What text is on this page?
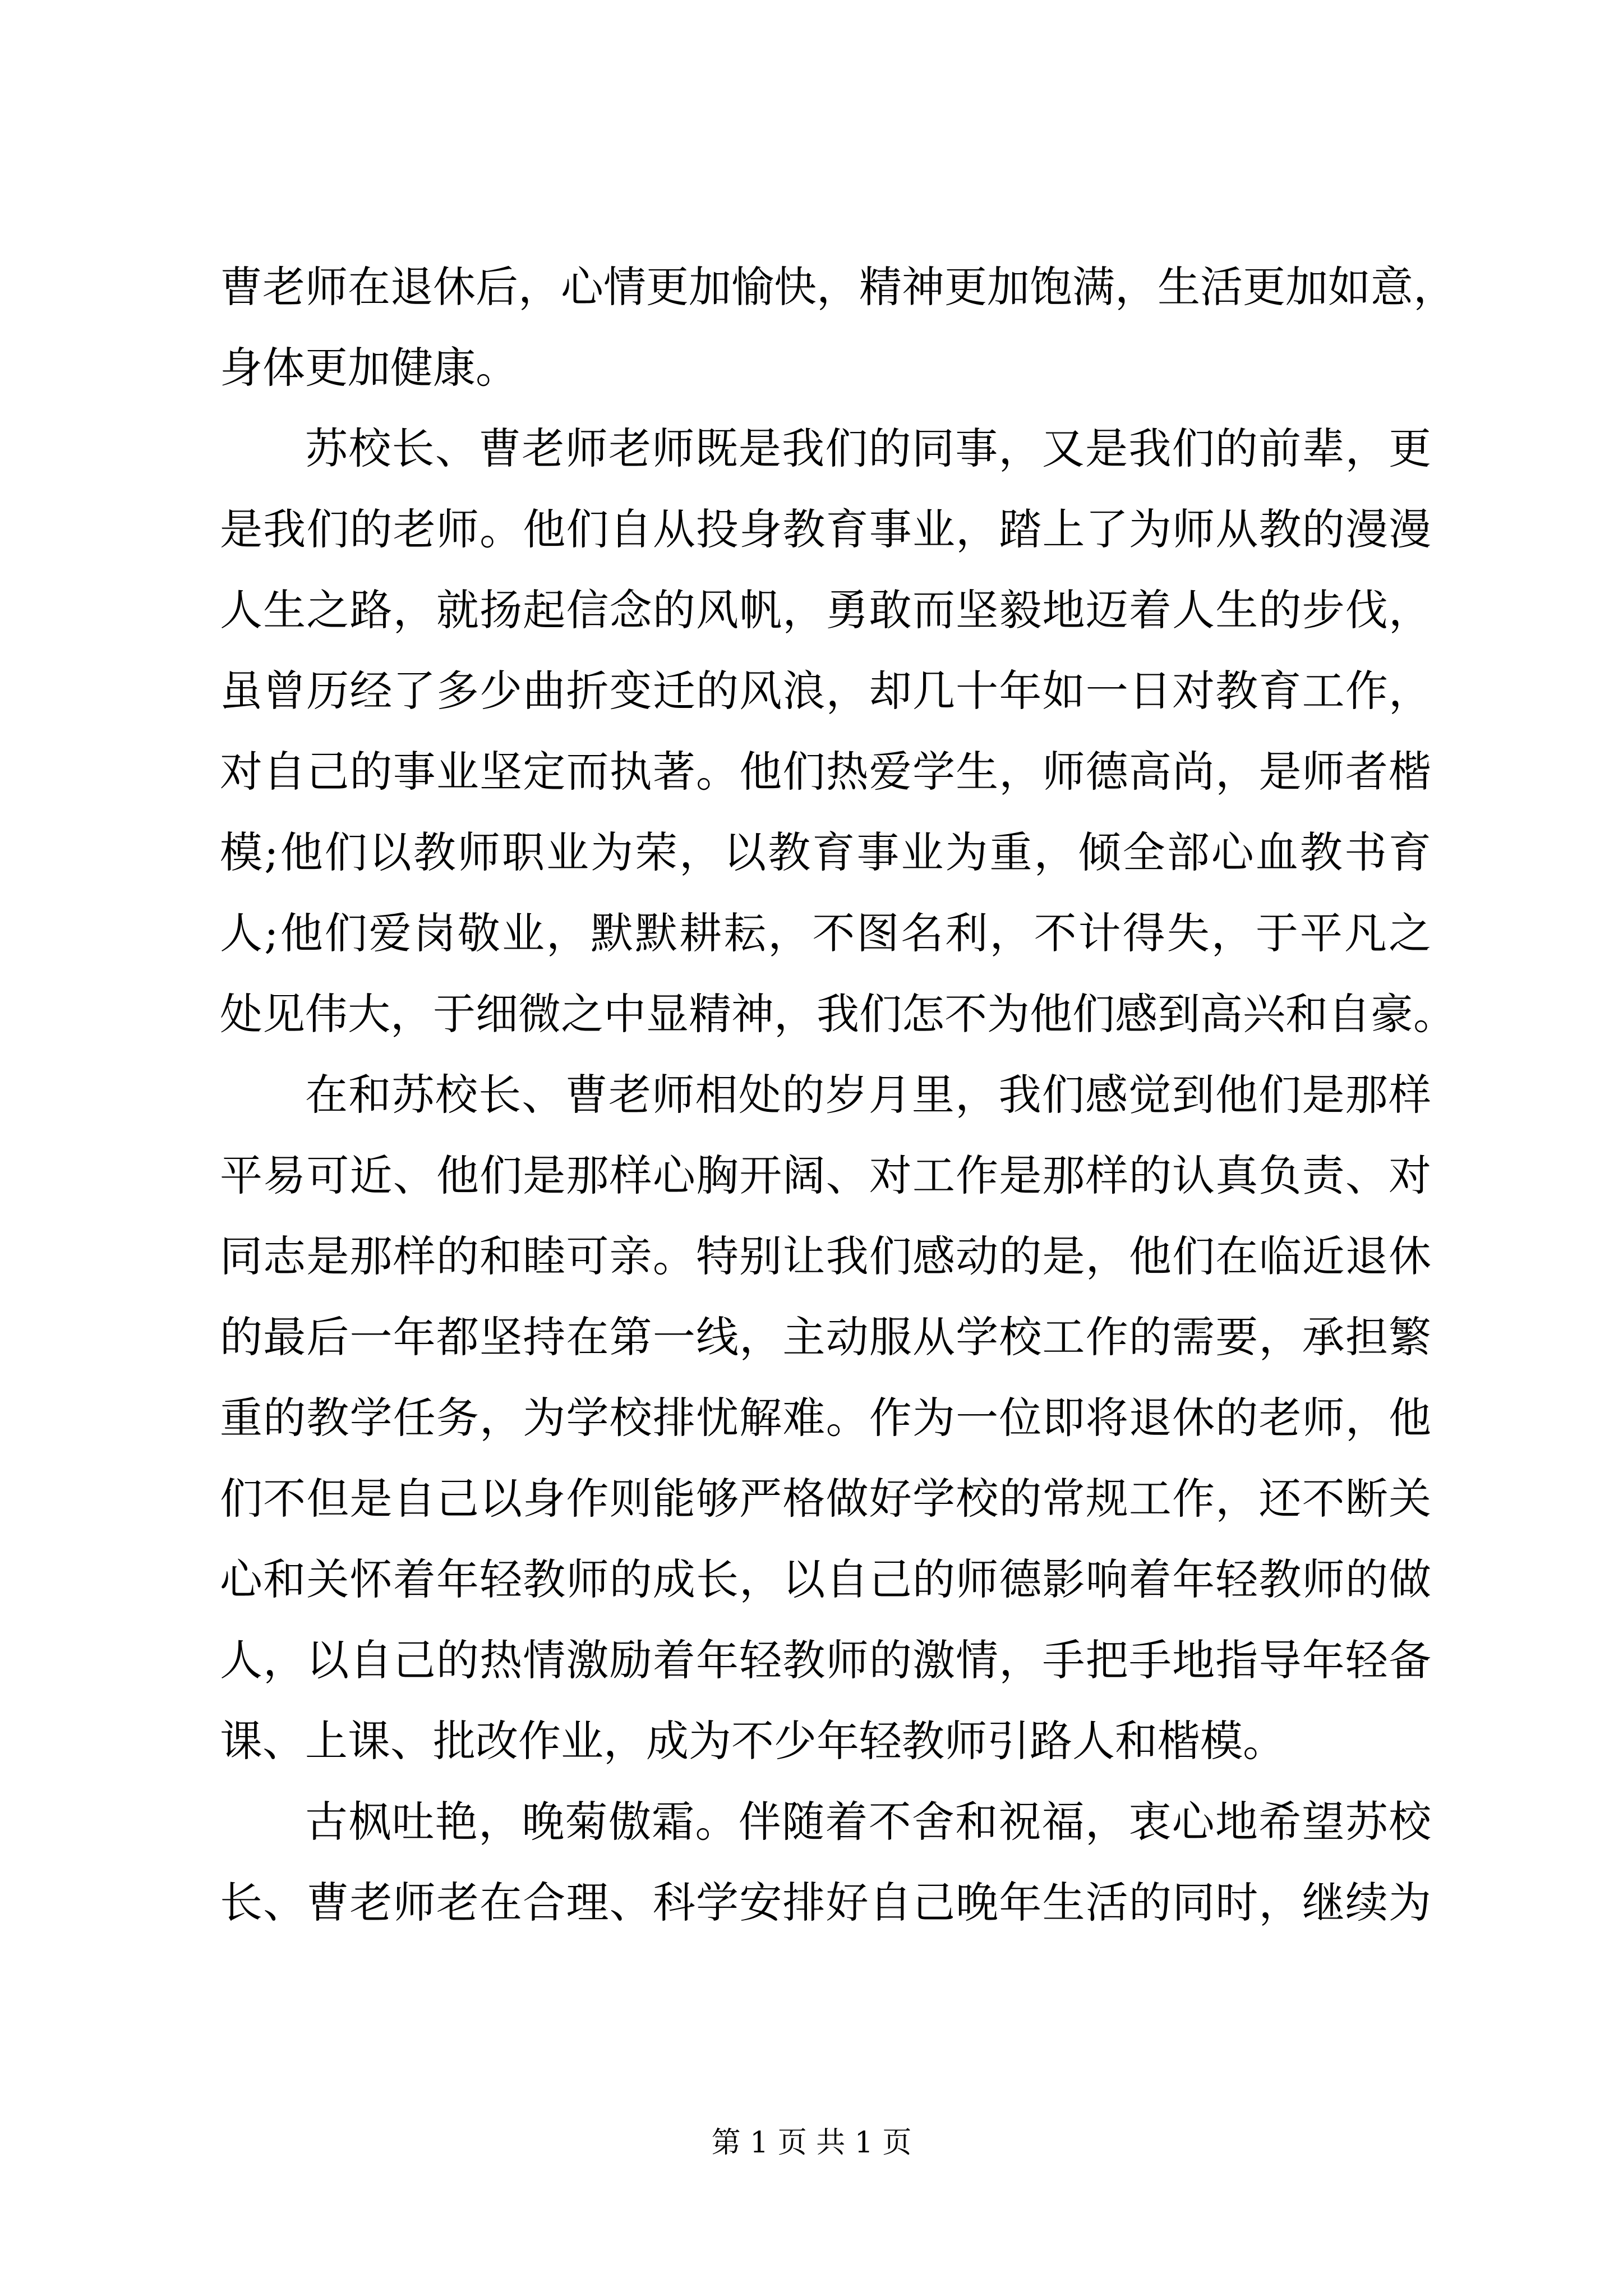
曹老师在退休后，心情更加愉快，精神更加饱满，生活更加如意，
身体更加健康。
苏校长、曹老师老师既是我们的同事，又是我们的前辈，更
是我们的老师。他们自从投身教育事业，踏上了为师从教的漫漫
人生之路，就扬起信念的风帆，勇敢而坚毅地迈着人生的步伐，
虽曾历经了多少曲折变迁的风浪，却几十年如一日对教育工作，
对自己的事业坚定而执著。他们热爱学生，师德高尚，是师者楷
模;他们以教师职业为荣，以教育事业为重，倾全部心血教书育
人;他们爱岗敬业，默默耕耘，不图名利，不计得失，于平凡之
处见伟大，于细微之中显精神，我们怎不为他们感到高兴和自豪。
在和苏校长、曹老师相处的岁月里，我们感觉到他们是那样
平易可近、他们是那样心胸开阔、对工作是那样的认真负责、对
同志是那样的和睦可亲。特别让我们感动的是，他们在临近退休
的最后一年都坚持在第一线，主动服从学校工作的需要，承担繁
重的教学任务，为学校排忧解难。作为一位即将退休的老师，他
们不但是自己以身作则能够严格做好学校的常规工作，还不断关
心和关怀着年轻教师的成长，以自己的师德影响着年轻教师的做
人，以自己的热情激励着年轻教师的激情，手把手地指导年轻备
课、上课、批改作业，成为不少年轻教师引路人和楷模。
古枫吐艳，晚菊傲霜。伴随着不舍和祝福，衷心地希望苏校
长、曹老师老在合理、科学安排好自己晚年生活的同时，继续为
第 1 页 共 1 页
